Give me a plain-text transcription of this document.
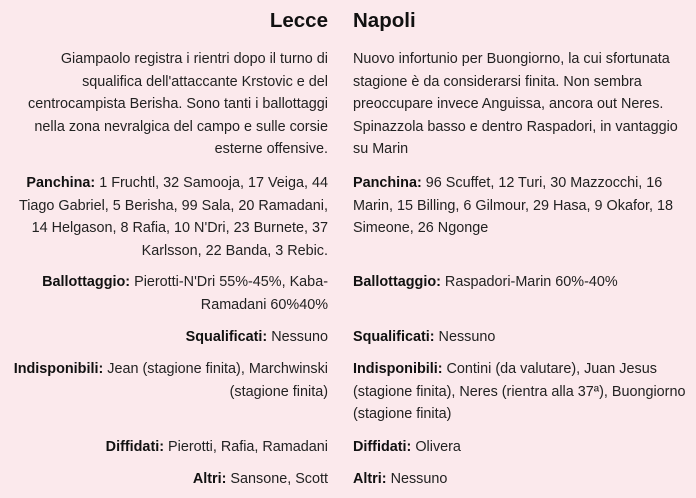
Lecce

Giampaolo registra i rientri dopo il turno di squalifica dell'attaccante Krstovic e del centrocampista Berisha. Sono tanti i ballottaggi nella zona nevralgica del campo e sulle corsie esterne offensive.

Panchina: 1 Fruchtl, 32 Samooja, 17 Veiga, 44 Tiago Gabriel, 5 Berisha, 99 Sala, 20 Ramadani, 14 Helgason, 8 Rafia, 10 N'Dri, 23 Burnete, 37 Karlsson, 22 Banda, 3 Rebic.

Ballottaggio: Pierotti-N'Dri 55%-45%, Kaba-Ramadani 60%40%

Squalificati: Nessuno

Indisponibili: Jean (stagione finita), Marchwinski (stagione finita)

Diffidati: Pierotti, Rafia, Ramadani

Altri: Sansone, Scott

Napoli

Nuovo infortunio per Buongiorno, la cui sfortunata stagione è da considerarsi finita. Non sembra preoccupare invece Anguissa, ancora out Neres. Spinazzola basso e dentro Raspadori, in vantaggio su Marin

Panchina: 96 Scuffet, 12 Turi, 30 Mazzocchi, 16 Marin, 15 Billing, 6 Gilmour, 29 Hasa, 9 Okafor, 18 Simeone, 26 Ngonge

Ballottaggio: Raspadori-Marin 60%-40%

Squalificati: Nessuno

Indisponibili: Contini (da valutare), Juan Jesus (stagione finita), Neres (rientra alla 37ª), Buongiorno (stagione finita)

Diffidati: Olivera

Altri: Nessuno
